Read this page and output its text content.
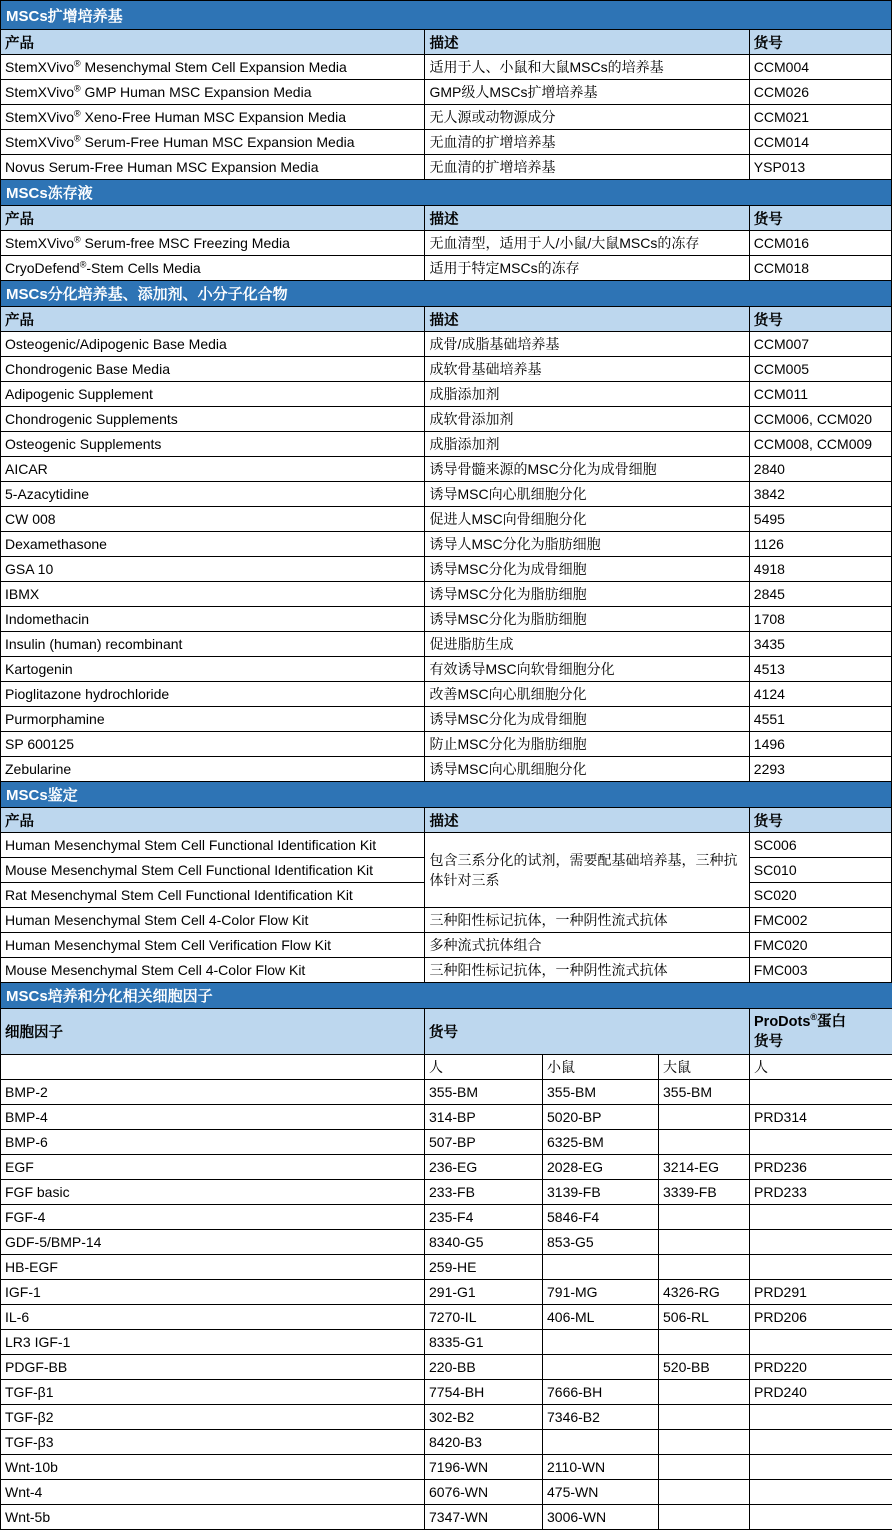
MSCs扩增培养基		
产品	描述	货号
StemXVivo® Mesenchymal Stem Cell Expansion Media	适用于人、小鼠和大鼠MSCs的培养基	CCM004
StemXVivo® GMP Human MSC Expansion Media	GMP级人MSCs扩增培养基	CCM026
StemXVivo® Xeno-Free Human MSC Expansion Media	无人源或动物源成分	CCM021
StemXVivo® Serum-Free Human MSC Expansion Media	无血清的扩增培养基	CCM014
Novus Serum-Free Human MSC Expansion Media	无血清的扩增培养基	YSP013
MSCs冻存液		
产品	描述	货号
StemXVivo® Serum-free MSC Freezing Media	无血清型，适用于人/小鼠/大鼠MSCs的冻存	CCM016
CryoDefend®-Stem Cells Media	适用于特定MSCs的冻存	CCM018
MSCs分化培养基、添加剂、小分子化合物		
产品	描述	货号
Osteogenic/Adipogenic Base Media	成骨/成脂基础培养基	CCM007
Chondrogenic Base Media	成软骨基础培养基	CCM005
Adipogenic Supplement	成脂添加剂	CCM011
Chondrogenic Supplements	成软骨添加剂	CCM006, CCM020
Osteogenic Supplements	成脂添加剂	CCM008, CCM009
AICAR	诱导骨髓来源的MSC分化为成骨细胞	2840
5-Azacytidine	诱导MSC向心肌细胞分化	3842
CW 008	促进人MSC向骨细胞分化	5495
Dexamethasone	诱导人MSC分化为脂肪细胞	1126
GSA 10	诱导MSC分化为成骨细胞	4918
IBMX	诱导MSC分化为脂肪细胞	2845
Indomethacin	诱导MSC分化为脂肪细胞	1708
Insulin (human) recombinant	促进脂肪生成	3435
Kartogenin	有效诱导MSC向软骨细胞分化	4513
Pioglitazone hydrochloride	改善MSC向心肌细胞分化	4124
Purmorphamine	诱导MSC分化为成骨细胞	4551
SP 600125	防止MSC分化为脂肪细胞	1496
Zebularine	诱导MSC向心肌细胞分化	2293
MSCs鉴定		
产品	描述	货号
Human Mesenchymal Stem Cell Functional Identification Kit	包含三系分化的试剂，需要配基础培养基，三种抗体针对三系	SC006
Mouse Mesenchymal Stem Cell Functional Identification Kit		SC010
Rat Mesenchymal Stem Cell Functional Identification Kit		SC020
Human Mesenchymal Stem Cell 4-Color Flow Kit	三种阳性标记抗体，一种阴性流式抗体	FMC002
Human Mesenchymal Stem Cell Verification Flow Kit	多种流式抗体组合	FMC020
Mouse Mesenchymal Stem Cell 4-Color Flow Kit	三种阳性标记抗体，一种阴性流式抗体	FMC003
MSCs培养和分化相关细胞因子				
细胞因子	货号			ProDots®蛋白
货号

	人	小鼠	大鼠	人
BMP-2	355-BM	355-BM	355-BM	
BMP-4	314-BP	5020-BP		PRD314
BMP-6	507-BP	6325-BM		
EGF	236-EG	2028-EG	3214-EG	PRD236
FGF basic	233-FB	3139-FB	3339-FB	PRD233
FGF-4	235-F4	5846-F4		
GDF-5/BMP-14	8340-G5	853-G5		
HB-EGF	259-HE			
IGF-1	291-G1	791-MG	4326-RG	PRD291
IL-6	7270-IL	406-ML	506-RL	PRD206
LR3 IGF-1	8335-G1			
PDGF-BB	220-BB		520-BB	PRD220
TGF-β1	7754-BH	7666-BH		PRD240
TGF-β2	302-B2	7346-B2		
TGF-β3	8420-B3			
Wnt-10b	7196-WN	2110-WN		
Wnt-4	6076-WN	475-WN		
Wnt-5b	7347-WN	3006-WN		
